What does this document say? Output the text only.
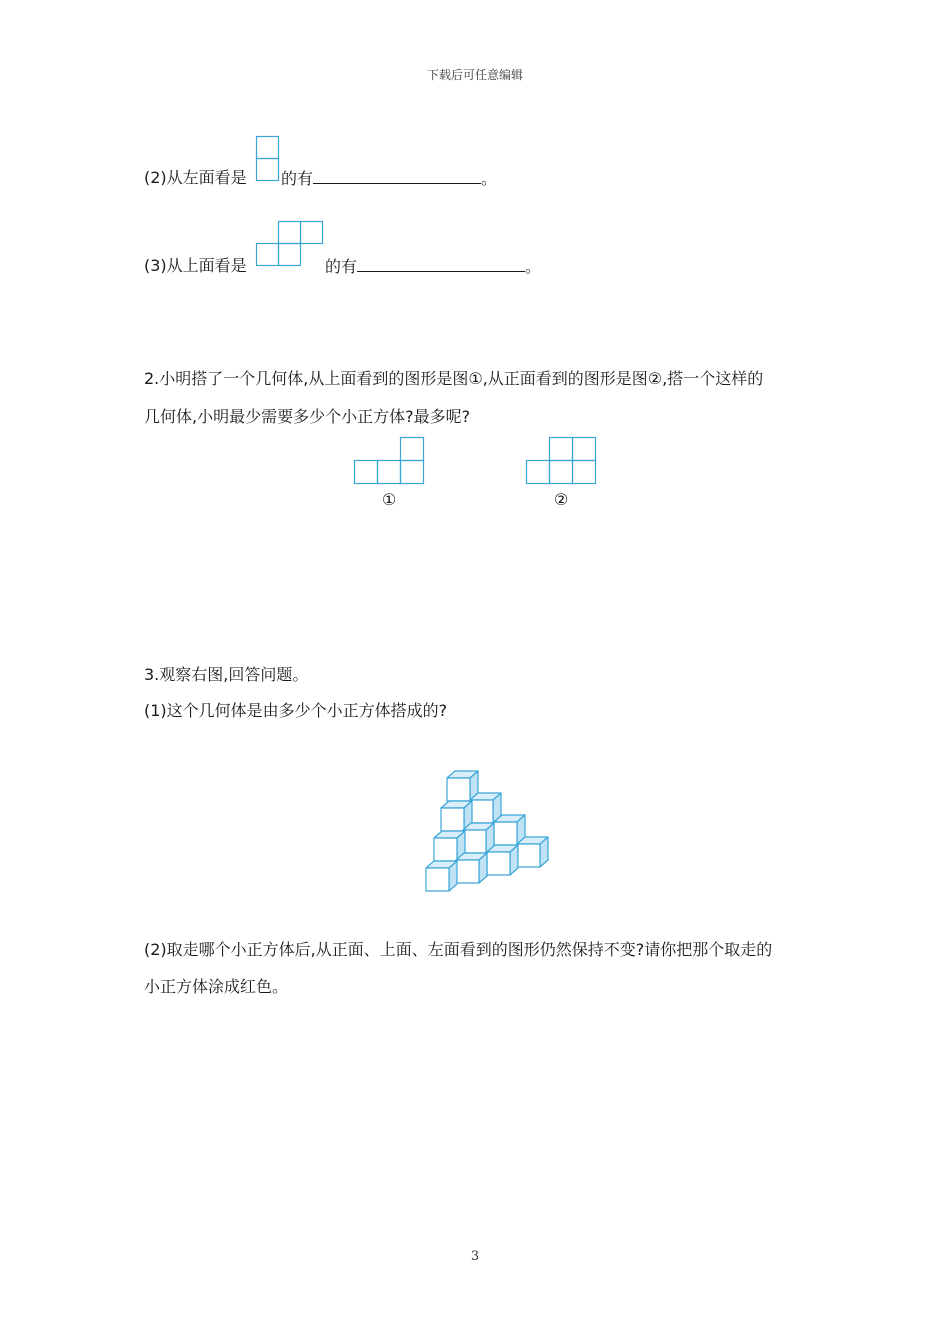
下载后可任意编辑
(2)从左面看是 的有	。
(3)从上面看是	的有	。
2.小明搭了一个几何体,从上面看到的图形是图①,从正面看到的图形是图②,搭一个这样的
几何体,小明最少需要多少个小正方体?最多呢?
①	②
3.观察右图,回答问题。
(1)这个几何体是由多少个小正方体搭成的?
(2)取走哪个小正方体后,从正面、上面、左面看到的图形仍然保持不变?请你把那个取走的
小正方体涂成红色。
3
